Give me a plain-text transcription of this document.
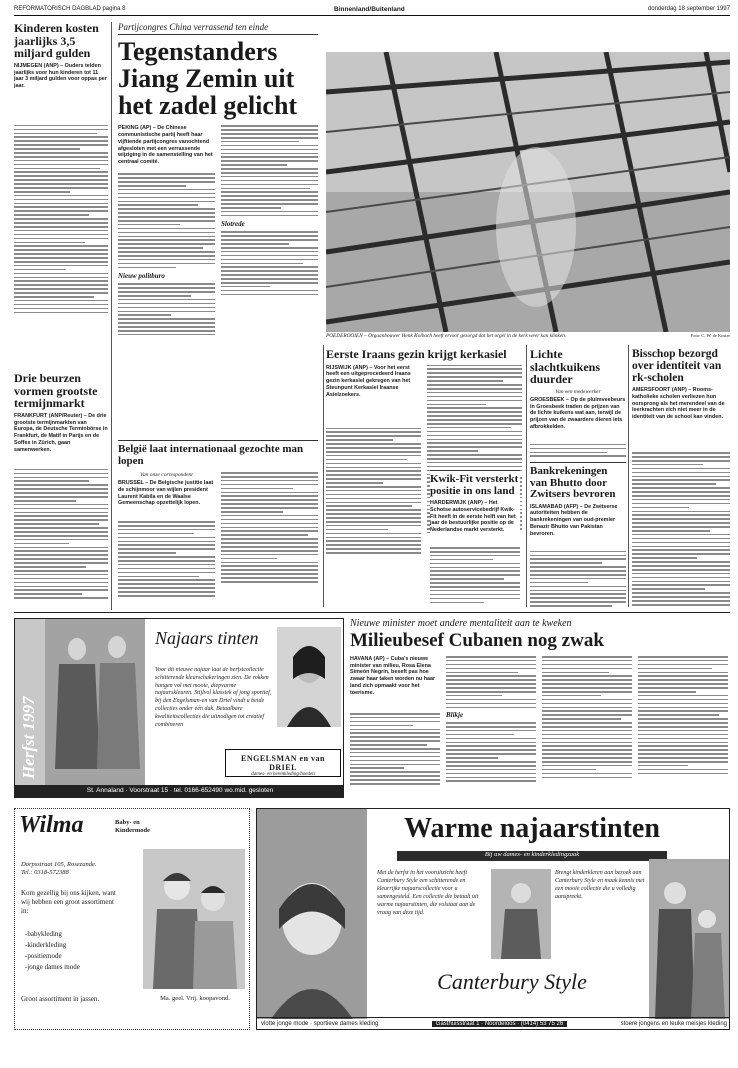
REFORMATORISCH DAGBLAD pagina 8	Binnenland/Buitenland	donderdag 18 september 1997
Kinderen kosten jaarlijks 3,5 miljard gulden

NIJMEGEN (ANP) – Ouders telden jaarlijks voor hun kinderen tot 11 jaar 3 miljard gulden voor oppas per jaar.

Drie beurzen vormen grootste termijnmarkt

FRANKFURT (ANP/Reuter) – De drie grootste termijnmarkten van Europa, de Deutsche Terminbörse in Frankfurt, de Matif in Parijs en de Soffex in Zürich, gaan samenwerken.

Partijcongres China verrassend ten einde
Tegenstanders Jiang Zemin uit het zadel gelicht

PEKING (AP) – De Chinese communistische partij heeft haar vijftiende partijcongres vanochtend afgesloten met een verrassende wijziging in de samenstelling van het centraal comité.

Nieuw politburo
Slotrede
België laat internationaal gezochte man lopen
Van onze correspondent

BRUSSEL – De Belgische justitie laat de schijnmoor van wijlen president Laurent Kabila en de Waalse Gemeenschap opzettelijk lopen.

POEDEROOIEN – Orgaanbouwer Henk Kolbach heeft ervoor gezorgd dat het orgel in de kerk weer kan klinken.	Foto: C. W. de Koster

Eerste Iraans gezin krijgt kerkasiel

RIJSWIJK (ANP) – Voor het eerst heeft een uitgeprocedeerd Iraans gezin kerkasiel gekregen van het Steunpunt Kerkasiel Iraanse Asielzoekers.

Lichte slachtkuikens duurder
Van een medewerker

GROESBEEK – Op de pluimveebeurs in Groesbeek traden de prijzen van de lichte kuikens wat aan, terwijl de prijzen van de zwaardere dieren iets afbrokkelden.

Bankrekeningen van Bhutto door Zwitsers bevroren

ISLAMABAD (AFP) – De Zwitserse autoriteiten hebben de bankrekeningen van oud-premier Benazir Bhutto van Pakistan bevroren.

Bisschop bezorgd over identiteit van rk-scholen

AMERSFOORT (ANP) – Rooms-katholieke scholen verliezen hun oorsprong als het merendeel van de leerkrachten zich niet meer in de identiteit van de school kan vinden.

Herfst 1997
Najaars tinten

Voor dit nieuwe najaar laat de herfstcollectie schitterende kleurschakeringen zien. De rokken hangen vol met mooie, diepvarme najaarskleuren. Stijlvol klassiek of jong sportief, bij den Engelsman-en van Driel vindt u beide collecties onder één dak. Betaalbare kwaliteitscollecties die uitnodigen tot creatief combineren

ENGELSMAN en van DRIEL
dames- en herenkleding/hoeden
St. Annaland · Voorstraat 15 · tel. 0166-652490 wo.mid. gesloten
Nieuwe minister moet andere mentaliteit aan te kweken
Milieubesef Cubanen nog zwak

HAVANA (AP) – Cuba's nieuwe minister van milieu, Rosa Elena Simeón Negrín, beseft pas hoe zwaar haar taken worden nu haar land zich opmaakt voor het toerisme.

Blikje
Wilma	Baby- en Kindermode
Dorpsstraat 105, Rosezande.
Tel.: 0318-572388

Kom gezellig bij ons kijken, want wij hebben een groot assortiment in:

-babykleding
-kinderkleding
-positiemode
-jonge dames mode
Groot assortiment in jassen.	Ma. geel. Vrij. koopavond.
Warme najaarstinten
Bij uw dames- en kinderkledingzaak

Met de herfst in het vooruitzicht heeft Canterbury Style een schitterende en kleurrijke najaarscollectie voor u samengesteld. Een collectie die betaalt uit warme najaarstinten, die volstaat aan de vraag van deze tijd.

Brengt kinderkleren aan bezoek aan Canterbury Style en maak kennis met een mooie collectie die u volledig aanspreekt.

Canterbury Style
vlotte jonge mode · sportieve dames kleding	Gasthuisstraat 1 · Noordeloos · (0414) 53 75 26	stoere jongens en leuke meisjes kleding
Kwik-Fit versterkt positie in ons land

HARDERWIJK (ANP) – Het Schotse autoservicebedrijf Kwik-Fit heeft in de eerste helft van het jaar de bestuurlijke positie op de Nederlandse markt versterkt.
